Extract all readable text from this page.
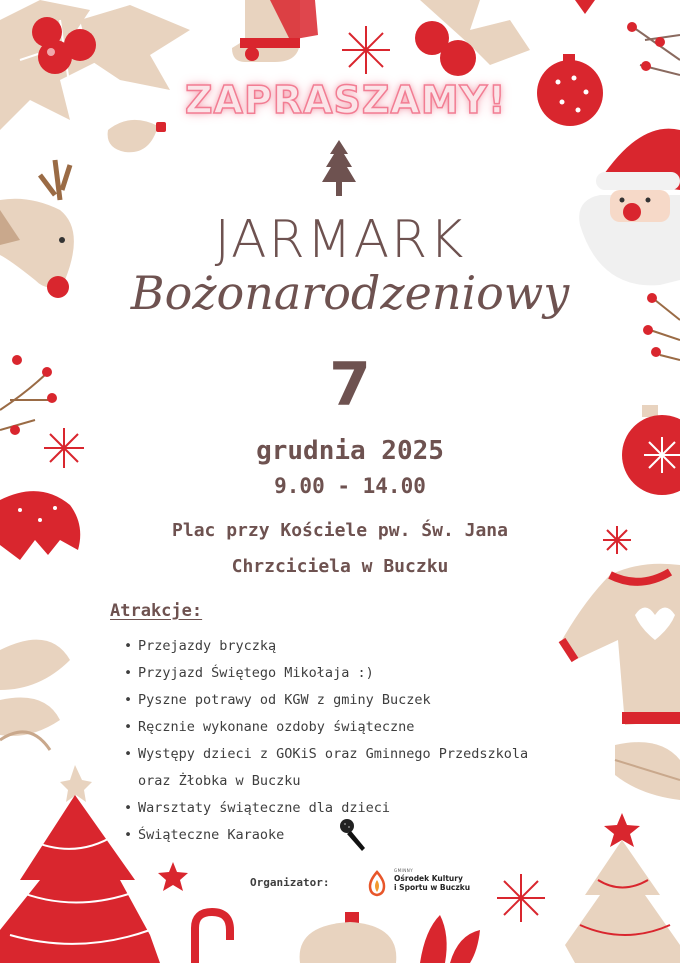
ZAPRASZAMY!
JARMARK
Bożonarodzeniowy
7
grudnia 2025
9.00 - 14.00
Plac przy Kościele pw. Św. Jana
Chrzciciela w Buczku
Atrakcje:
• Przejazdy bryczką
• Przyjazd Świętego Mikołaja :)
• Pyszne potrawy od KGW z gminy Buczek
• Ręcznie wykonane ozdoby świąteczne
• Występy dzieci z GOKiS oraz Gminnego Przedszkola
oraz Żłobka w Buczku
• Warsztaty świąteczne dla dzieci
• Świąteczne Karaoke
Organizator:
GMINNY
Ośrodek Kultury
i Sportu w Buczku
